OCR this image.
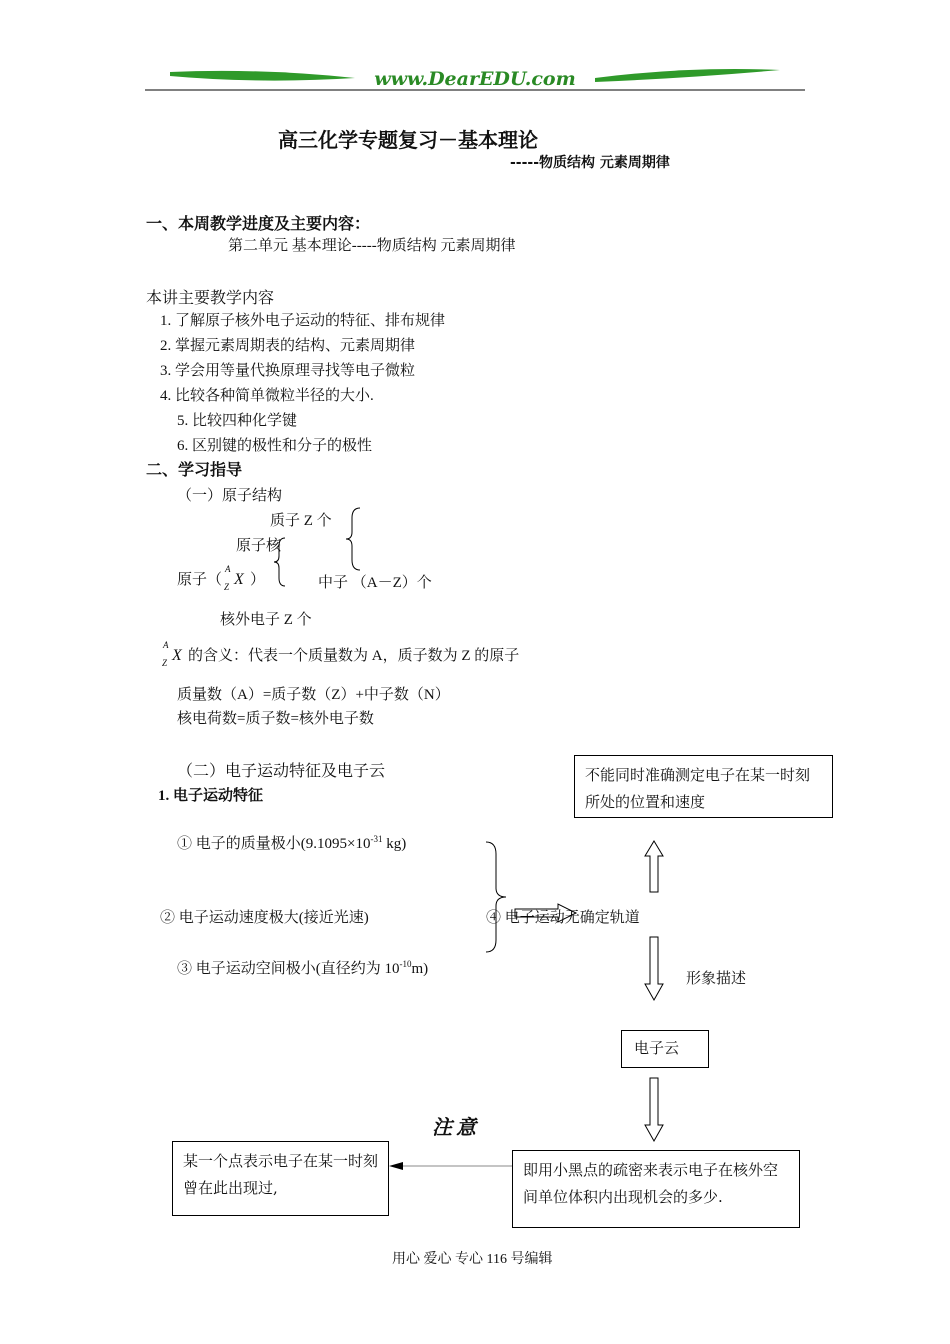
www.DearEDU.com
高三化学专题复习－基本理论
-----物质结构 元素周期律
一、本周教学进度及主要内容：
第二单元 基本理论-----物质结构 元素周期律
本讲主要教学内容
1. 了解原子核外电子运动的特征、排布规律
2. 掌握元素周期表的结构、元素周期律
3. 学会用等量代换原理寻找等电子微粒
4. 比较各种简单微粒半径的大小.
5. 比较四种化学键
6. 区别键的极性和分子的极性
二、学习指导
（一）原子结构
质子 Z 个
原子核
原子（
A
Z X ）	中子 （A－Z）个
核外电子 Z 个
A
Z X 的含义：代表一个质量数为 A，质子数为 Z 的原子
质量数（A）=质子数（Z）+中子数（N）
核电荷数=质子数=核外电子数
（二）电子运动特征及电子云
1. 电子运动特征
① 电子的质量极小($9.1095\times 10^{-31}$ kg)
② 电子运动速度极大(接近光速)
③ 电子运动空间极小(直径约为 $10^{-10}m$)
④ 电子运动无确定轨道
不能同时准确测定电子在某一时刻所处的位置和速度
形象描述
电子云
注意
某一个点表示电子在某一时刻曾在此出现过,
即用小黑点的疏密来表示电子在核外空间单位体积内出现机会的多少.
用心 爱心 专心 116 号编辑
